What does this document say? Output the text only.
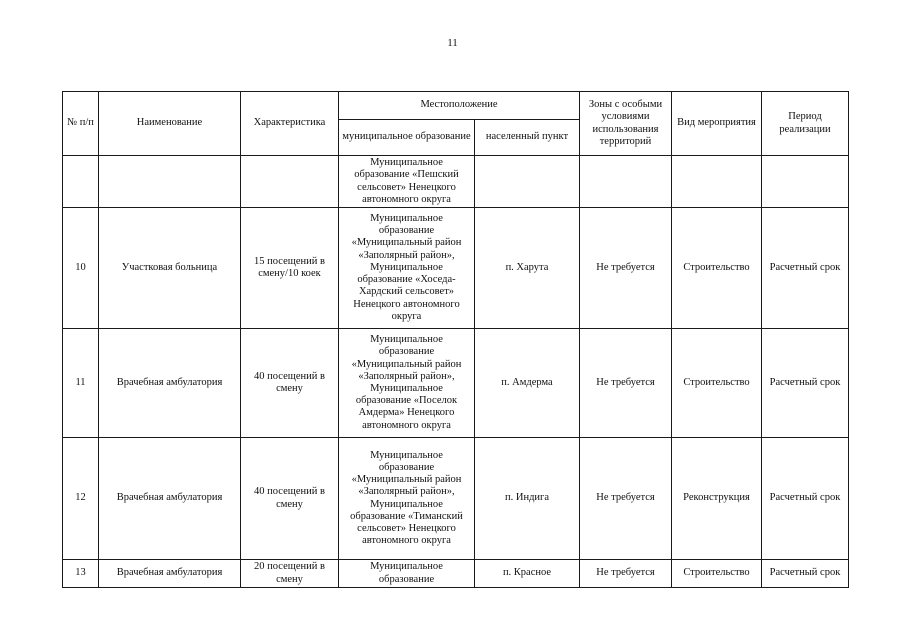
11
№ п/п	Наименование	Характеристика	Местоположение		Зоны с особыми условиями использования территорий	Вид мероприятия	Период реализации
			муниципальное образование	населенный пункт			
			Муниципальное образование «Пешский сельсовет» Ненецкого автономного округа				
10	Участковая больница	15 посещений в смену/10 коек	Муниципальное образование «Муниципальный район «Заполярный район», Муниципальное образование «Хоседа-Хардский сельсовет» Ненецкого автономного округа	п. Харута	Не требуется	Строительство	Расчетный срок
11	Врачебная амбулатория	40 посещений в смену	Муниципальное образование «Муниципальный район «Заполярный район», Муниципальное образование «Поселок Амдерма» Ненецкого автономного округа	п. Амдерма	Не требуется	Строительство	Расчетный срок
12	Врачебная амбулатория	40 посещений в смену	Муниципальное образование «Муниципальный район «Заполярный район», Муниципальное образование «Тиманский сельсовет» Ненецкого автономного округа	п. Индига	Не требуется	Реконструкция	Расчетный срок
13	Врачебная амбулатория	20 посещений в смену	Муниципальное образование	п. Красное	Не требуется	Строительство	Расчетный срок
